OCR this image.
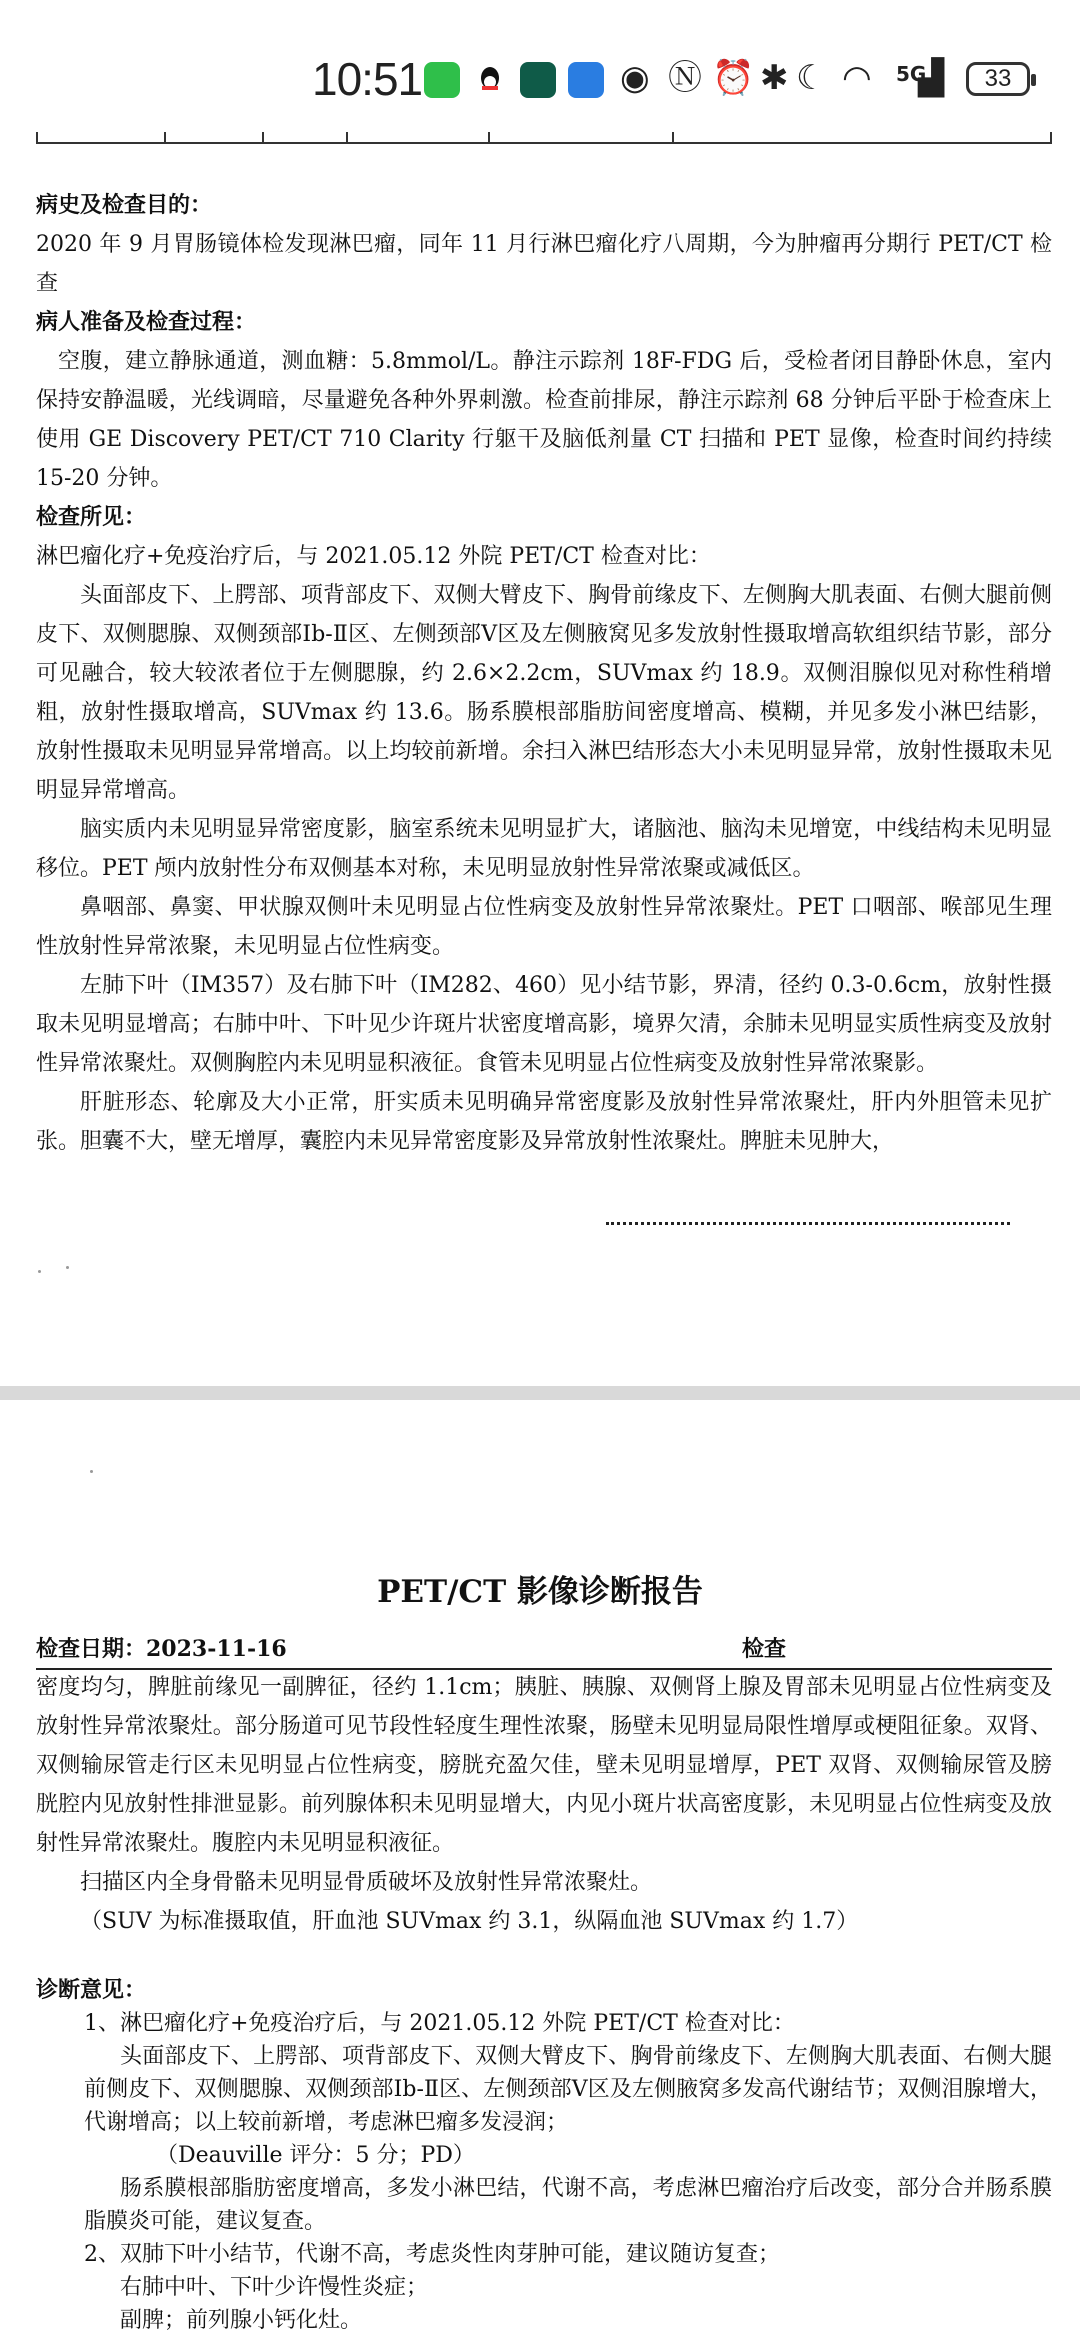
10:51	◉ Ⓝ ⏰ ✱ ☾ ◠ 5G
▟	33

病史及检查目的：

2020 年 9 月胃肠镜体检发现淋巴瘤，同年 11 月行淋巴瘤化疗八周期，今为肿瘤再分期行 PET/CT 检查

病人准备及检查过程：

空腹，建立静脉通道，测血糖：5.8mmol/L。静注示踪剂 18F-FDG 后，受检者闭目静卧休息，室内保持安静温暖，光线调暗，尽量避免各种外界刺激。检查前排尿，静注示踪剂 68 分钟后平卧于检查床上使用 GE Discovery PET/CT 710 Clarity 行躯干及脑低剂量 CT 扫描和 PET 显像，检查时间约持续 15-20 分钟。

检查所见：

淋巴瘤化疗+免疫治疗后，与 2021.05.12 外院 PET/CT 检查对比：

头面部皮下、上腭部、项背部皮下、双侧大臂皮下、胸骨前缘皮下、左侧胸大肌表面、右侧大腿前侧皮下、双侧腮腺、双侧颈部Ⅰb-Ⅱ区、左侧颈部Ⅴ区及左侧腋窝见多发放射性摄取增高软组织结节影，部分可见融合，较大较浓者位于左侧腮腺，约 2.6×2.2cm，SUVmax 约 18.9。双侧泪腺似见对称性稍增粗，放射性摄取增高，SUVmax 约 13.6。肠系膜根部脂肪间密度增高、模糊，并见多发小淋巴结影，放射性摄取未见明显异常增高。以上均较前新增。余扫入淋巴结形态大小未见明显异常，放射性摄取未见明显异常增高。

脑实质内未见明显异常密度影，脑室系统未见明显扩大，诸脑池、脑沟未见增宽，中线结构未见明显移位。PET 颅内放射性分布双侧基本对称，未见明显放射性异常浓聚或减低区。

鼻咽部、鼻窦、甲状腺双侧叶未见明显占位性病变及放射性异常浓聚灶。PET 口咽部、喉部见生理性放射性异常浓聚，未见明显占位性病变。

左肺下叶（IM357）及右肺下叶（IM282、460）见小结节影，界清，径约 0.3-0.6cm，放射性摄取未见明显增高；右肺中叶、下叶见少许斑片状密度增高影，境界欠清，余肺未见明显实质性病变及放射性异常浓聚灶。双侧胸腔内未见明显积液征。食管未见明显占位性病变及放射性异常浓聚影。

肝脏形态、轮廓及大小正常，肝实质未见明确异常密度影及放射性异常浓聚灶，肝内外胆管未见扩张。胆囊不大，壁无增厚，囊腔内未见异常密度影及异常放射性浓聚灶。脾脏未见肿大，

PET/CT 影像诊断报告
检查日期：2023-11-16	检查

密度均匀，脾脏前缘见一副脾征，径约 1.1cm；胰脏、胰腺、双侧肾上腺及胃部未见明显占位性病变及放射性异常浓聚灶。部分肠道可见节段性轻度生理性浓聚，肠壁未见明显局限性增厚或梗阻征象。双肾、双侧输尿管走行区未见明显占位性病变，膀胱充盈欠佳，壁未见明显增厚，PET 双肾、双侧输尿管及膀胱腔内见放射性排泄显影。前列腺体积未见明显增大，内见小斑片状高密度影，未见明显占位性病变及放射性异常浓聚灶。腹腔内未见明显积液征。

扫描区内全身骨骼未见明显骨质破坏及放射性异常浓聚灶。

（SUV 为标准摄取值，肝血池 SUVmax 约 3.1，纵隔血池 SUVmax 约 1.7）

诊断意见：

1、淋巴瘤化疗+免疫治疗后，与 2021.05.12 外院 PET/CT 检查对比：

头面部皮下、上腭部、项背部皮下、双侧大臂皮下、胸骨前缘皮下、左侧胸大肌表面、右侧大腿前侧皮下、双侧腮腺、双侧颈部Ⅰb-Ⅱ区、左侧颈部Ⅴ区及左侧腋窝多发高代谢结节；双侧泪腺增大，代谢增高；以上较前新增，考虑淋巴瘤多发浸润；

（Deauville 评分：5 分；PD）

肠系膜根部脂肪密度增高，多发小淋巴结，代谢不高，考虑淋巴瘤治疗后改变，部分合并肠系膜脂膜炎可能，建议复查。

2、双肺下叶小结节，代谢不高，考虑炎性肉芽肿可能，建议随访复查；

右肺中叶、下叶少许慢性炎症；

副脾；前列腺小钙化灶。
